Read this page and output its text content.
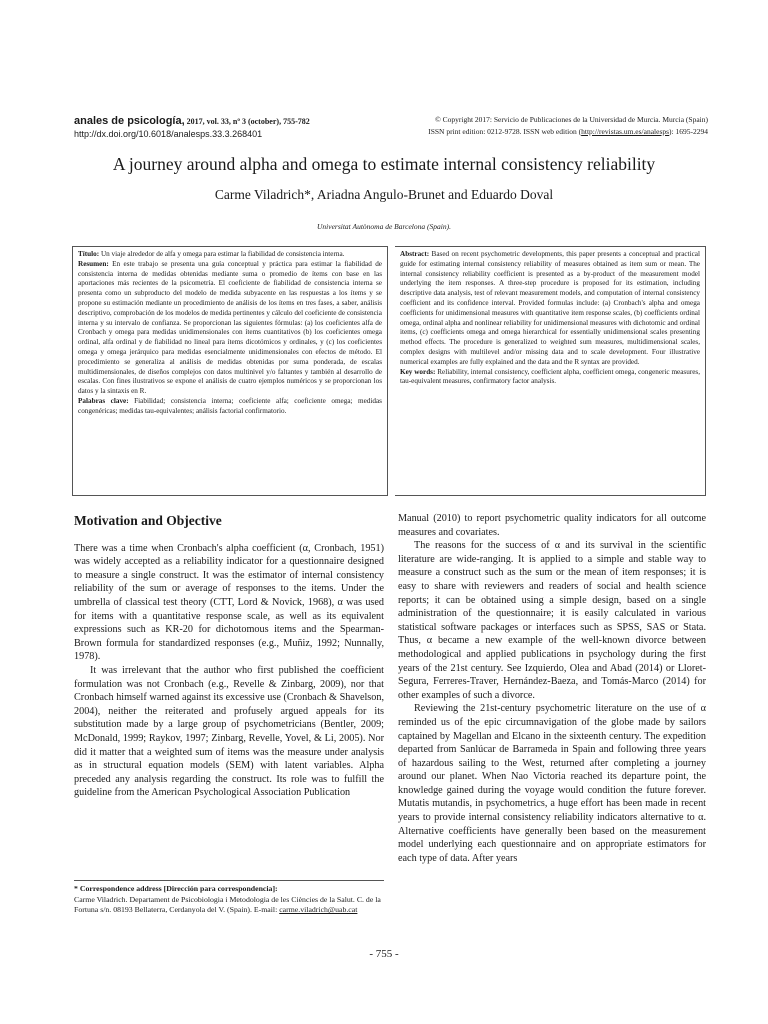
anales de psicología, 2017, vol. 33, nº 3 (october), 755-782
http://dx.doi.org/10.6018/analesps.33.3.268401
© Copyright 2017: Servicio de Publicaciones de la Universidad de Murcia. Murcia (Spain)
ISSN print edition: 0212-9728. ISSN web edition (http://revistas.um.es/analesps): 1695-2294
A journey around alpha and omega to estimate internal consistency reliability
Carme Viladrich*, Ariadna Angulo-Brunet and Eduardo Doval
Universitat Autònoma de Barcelona (Spain).

Título: Un viaje alrededor de alfa y omega para estimar la fiabilidad de consistencia interna.

Resumen: En este trabajo se presenta una guía conceptual y práctica para estimar la fiabilidad de consistencia interna de medidas obtenidas mediante suma o promedio de ítems con base en las aportaciones más recientes de la psicometría. El coeficiente de fiabilidad de consistencia interna se presenta como un subproducto del modelo de medida subyacente en las respuestas a los ítems y se propone su estimación mediante un procedimiento de análisis de los ítems en tres fases, a saber, análisis descriptivo, comprobación de los modelos de medida pertinentes y cálculo del coeficiente de consistencia interna y su intervalo de confianza. Se proporcionan las siguientes fórmulas: (a) los coeficientes alfa de Cronbach y omega para medidas unidimensionales con ítems cuantitativos (b) los coeficientes omega ordinal, alfa ordinal y de fiabilidad no lineal para ítems dicotómicos y ordinales, y (c) los coeficientes omega y omega jerárquico para medidas esencialmente unidimensionales con efectos de método. El procedimiento se generaliza al análisis de medidas obtenidas por suma ponderada, de escalas multidimensionales, de diseños complejos con datos multinivel y/o faltantes y también al desarrollo de escalas. Con fines ilustrativos se expone el análisis de cuatro ejemplos numéricos y se proporcionan los datos y la sintaxis en R.

Palabras clave: Fiabilidad; consistencia interna; coeficiente alfa; coeficiente omega; medidas congenéricas; medidas tau-equivalentes; análisis factorial confirmatorio.

Abstract: Based on recent psychometric developments, this paper presents a conceptual and practical guide for estimating internal consistency reliability of measures obtained as item sum or mean. The internal consistency reliability coefficient is presented as a by-product of the measurement model underlying the item responses. A three-step procedure is proposed for its estimation, including descriptive data analysis, test of relevant measurement models, and computation of internal consistency coefficient and its confidence interval. Provided formulas include: (a) Cronbach's alpha and omega coefficients for unidimensional measures with quantitative item response scales, (b) coefficients ordinal omega, ordinal alpha and nonlinear reliability for unidimensional measures with dichotomic and ordinal items, (c) coefficients omega and omega hierarchical for essentially unidimensional scales presenting method effects. The procedure is generalized to weighted sum measures, multidimensional scales, complex designs with multilevel and/or missing data and to scale development. Four illustrative numerical examples are fully explained and the data and the R syntax are provided.

Key words: Reliability, internal consistency, coefficient alpha, coefficient omega, congeneric measures, tau-equivalent measures, confirmatory factor analysis.

Motivation and Objective

There was a time when Cronbach's alpha coefficient (α, Cronbach, 1951) was widely accepted as a reliability indicator for a questionnaire designed to measure a single construct. It was the estimator of internal consistency reliability of the sum or average of responses to the items. Under the umbrella of classical test theory (CTT, Lord & Novick, 1968), α was used for items with a quantitative response scale, as well as its equivalent expressions such as KR-20 for dichotomous items and the Spearman-Brown formula for standardized responses (e.g., Muñiz, 1992; Nunnally, 1978).

It was irrelevant that the author who first published the coefficient formulation was not Cronbach (e.g., Revelle & Zinbarg, 2009), nor that Cronbach himself warned against its excessive use (Cronbach & Shavelson, 2004), neither the reiterated and profusely argued appeals for its substitution made by a large group of psychometricians (Bentler, 2009; McDonald, 1999; Raykov, 1997; Zinbarg, Revelle, Yovel, & Li, 2005). Nor did it matter that a weighted sum of items was the measure under analysis as in structural equation models (SEM) with latent variables. Alpha preceded any analysis regarding the construct. Its role was to fulfill the guideline from the American Psychological Association Publication

Manual (2010) to report psychometric quality indicators for all outcome measures and covariates.

The reasons for the success of α and its survival in the scientific literature are wide-ranging. It is applied to a simple and stable way to measure a construct such as the sum or the mean of item responses; it is easy to share with reviewers and readers of social and health science reports; it can be obtained using a simple design, based on a single administration of the questionnaire; it is easily calculated in various statistical software packages or interfaces such as SPSS, SAS or Stata. Thus, α became a new example of the well-known divorce between methodological and applied publications in psychology during the first years of the 21st century. See Izquierdo, Olea and Abad (2014) or Lloret-Segura, Ferreres-Traver, Hernández-Baeza, and Tomás-Marco (2014) for other examples of such a divorce.

Reviewing the 21st-century psychometric literature on the use of α reminded us of the epic circumnavigation of the globe made by sailors captained by Magellan and Elcano in the sixteenth century. The expedition departed from Sanlúcar de Barrameda in Spain and following three years of hazardous sailing to the West, returned after completing a journey around our planet. When Nao Victoria reached its departure point, the knowledge gained during the voyage would condition the future forever. Mutatis mutandis, in psychometrics, a huge effort has been made in recent years to provide internal consistency reliability indicators alternative to α. Alternative coefficients have generally been based on the measurement model underlying each questionnaire and on appropriate estimators for each type of data. After years

* Correspondence address [Dirección para correspondencia]:
Carme Viladrich. Departament de Psicobiologia i Metodologia de les Ciències de la Salut. C. de la Fortuna s/n. 08193 Bellaterra, Cerdanyola del V. (Spain). E-mail: carme.viladrich@uab.cat
- 755 -
